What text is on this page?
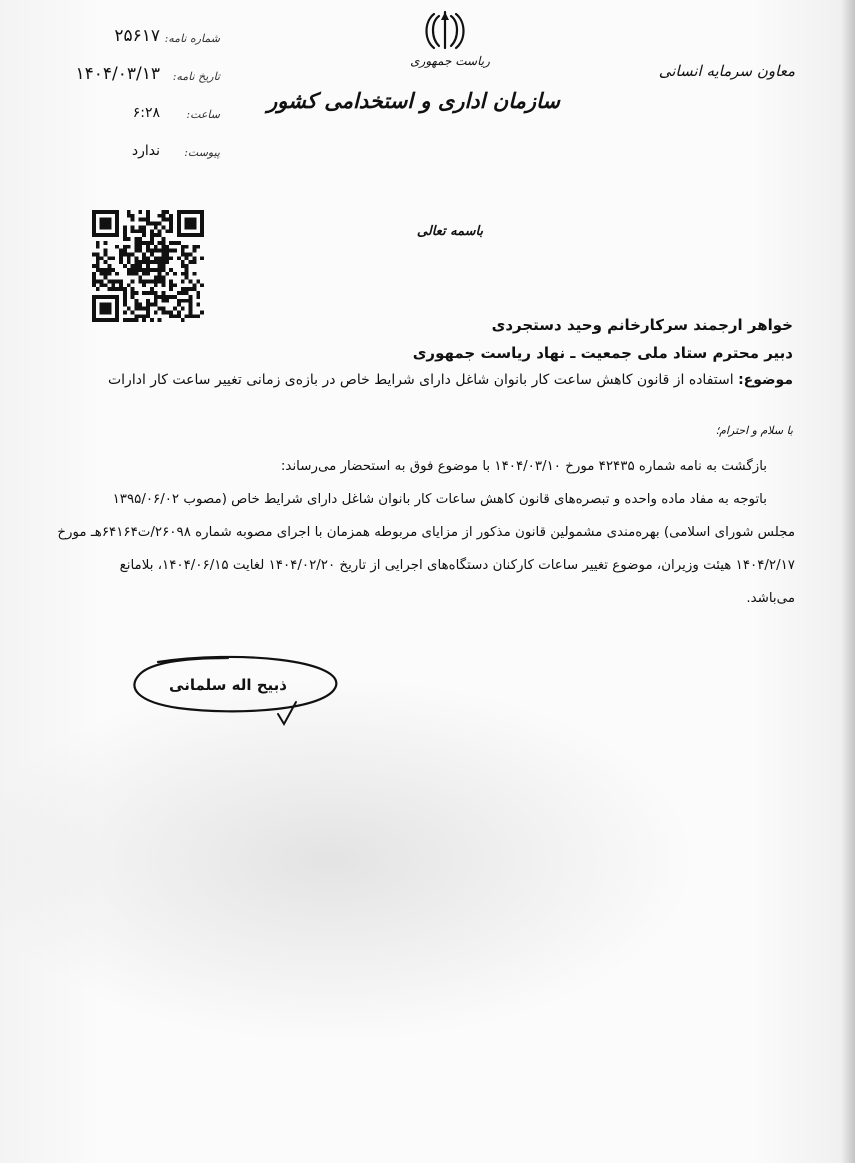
شماره نامه:
۲۵۶۱۷
تاریخ نامه:
۱۴۰۴/۰۳/۱۳
ساعت:
۶:۲۸
پیوست:
ندارد
ریاست جمهوری
سازمان اداری و استخدامی کشور
معاون سرمایه انسانی
باسمه تعالی
خواهر ارجمند سرکارخانم وحید دستجردی
دبیر محترم ستاد ملی جمعیت ـ نهاد ریاست جمهوری
موضوع: استفاده از قانون کاهش ساعت کار بانوان شاغل دارای شرایط خاص در بازه‌ی زمانی تغییر ساعت کار ادارات
با سلام و احترام؛

بازگشت به نامه شماره ۴۲۴۳۵ مورخ ۱۴۰۴/۰۳/۱۰ با موضوع فوق به استحضار می‌رساند:

باتوجه به مفاد ماده واحده و تبصره‌های قانون کاهش ساعات کار بانوان شاغل دارای شرایط خاص (مصوب ۱۳۹۵/۰۶/۰۲

مجلس شورای اسلامی) بهره‌مندی مشمولین قانون مذکور از مزایای مربوطه همزمان با اجرای مصوبه شماره ۲۶۰۹۸/ت۶۴۱۶۴هـ مورخ

۱۴۰۴/۲/۱۷ هیئت وزیران، موضوع تغییر ساعات کارکنان دستگاه‌های اجرایی از تاریخ ۱۴۰۴/۰۲/۲۰ لغایت ۱۴۰۴/۰۶/۱۵، بلامانع

می‌باشد.

ذبیح اله سلمانی
